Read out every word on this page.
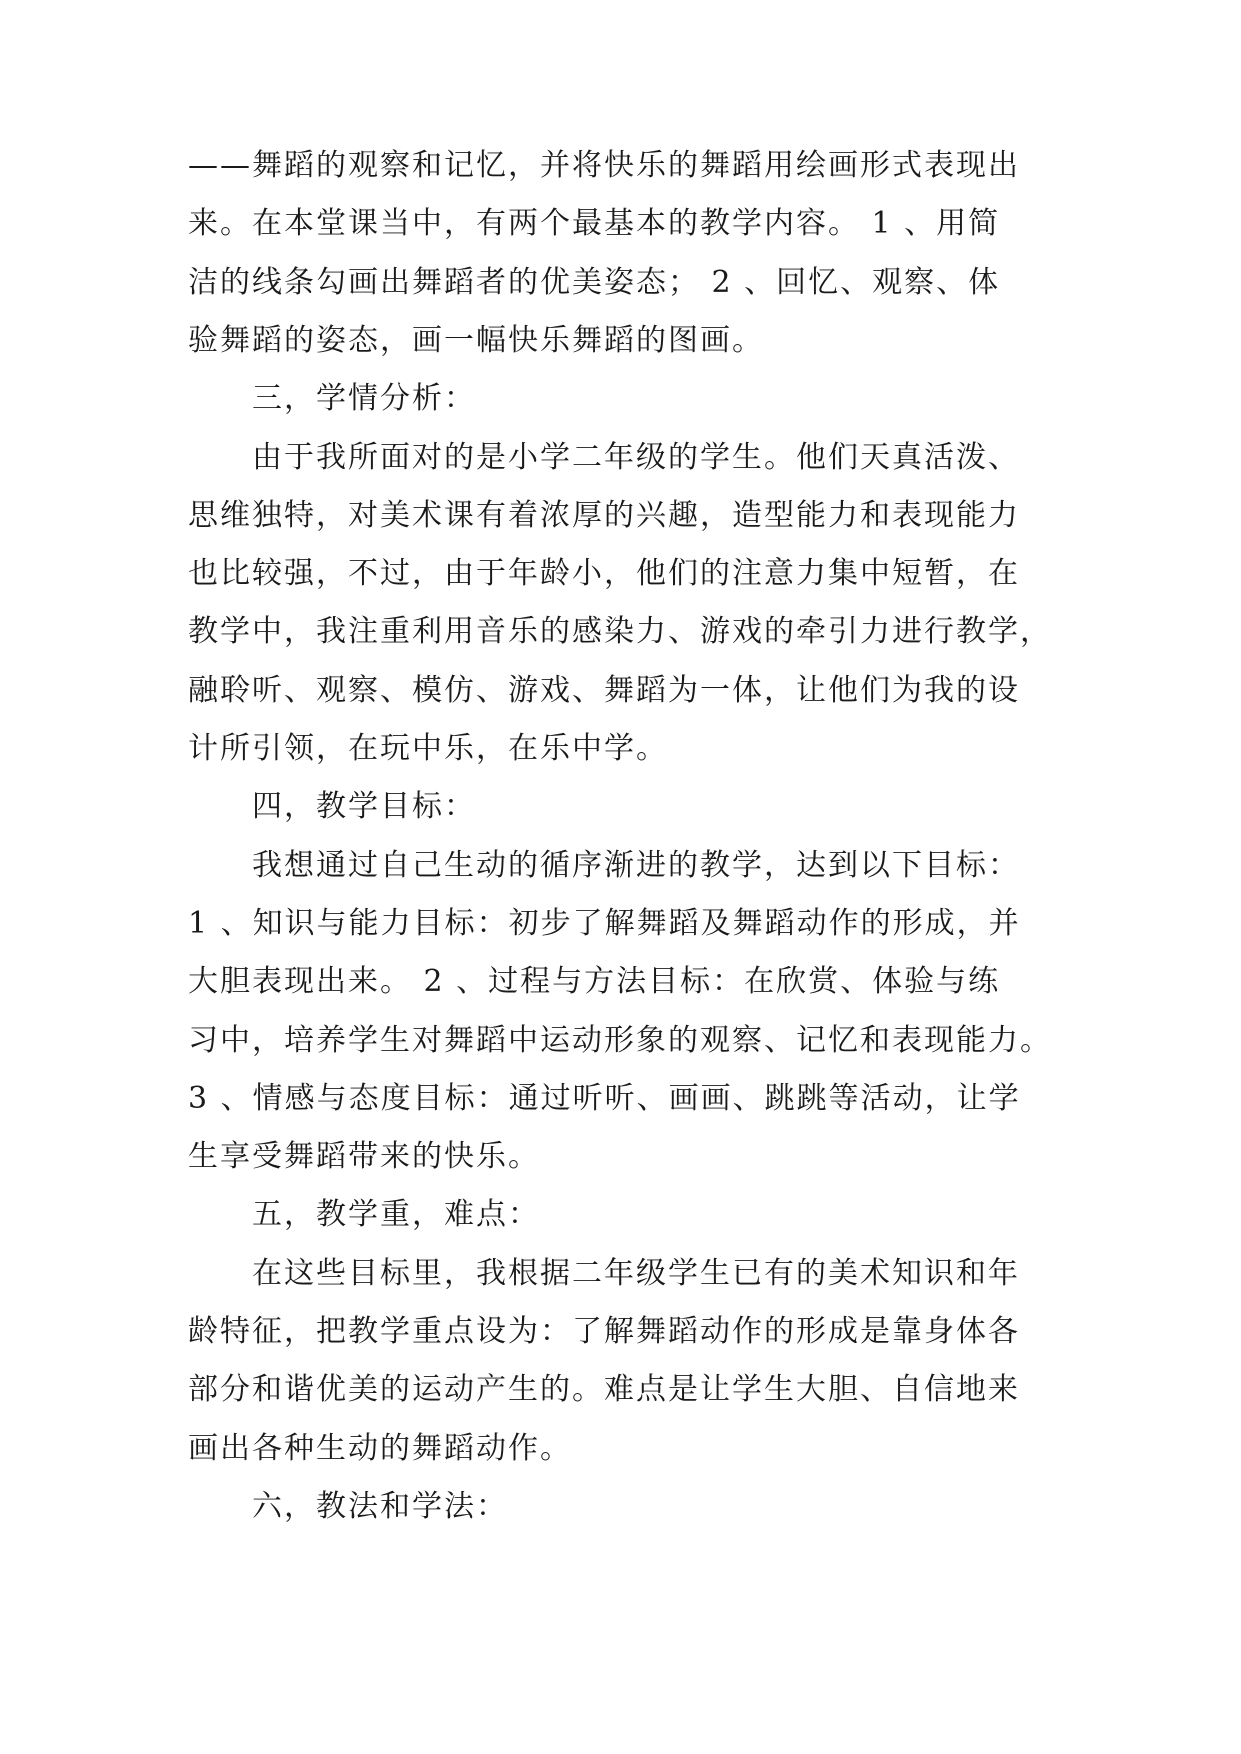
——舞蹈的观察和记忆，并将快乐的舞蹈用绘画形式表现出

来。在本堂课当中，有两个最基本的教学内容。 1 、用简

洁的线条勾画出舞蹈者的优美姿态； 2 、回忆、观察、体

验舞蹈的姿态，画一幅快乐舞蹈的图画。

三，学情分析：

由于我所面对的是小学二年级的学生。他们天真活泼、

思维独特，对美术课有着浓厚的兴趣，造型能力和表现能力

也比较强，不过，由于年龄小，他们的注意力集中短暂，在

教学中，我注重利用音乐的感染力、游戏的牵引力进行教学，

融聆听、观察、模仿、游戏、舞蹈为一体，让他们为我的设

计所引领，在玩中乐，在乐中学。

四，教学目标：

我想通过自己生动的循序渐进的教学，达到以下目标：

1 、知识与能力目标：初步了解舞蹈及舞蹈动作的形成，并

大胆表现出来。 2 、过程与方法目标：在欣赏、体验与练

习中，培养学生对舞蹈中运动形象的观察、记忆和表现能力。

3 、情感与态度目标：通过听听、画画、跳跳等活动，让学

生享受舞蹈带来的快乐。

五，教学重，难点：

在这些目标里，我根据二年级学生已有的美术知识和年

龄特征，把教学重点设为：了解舞蹈动作的形成是靠身体各

部分和谐优美的运动产生的。难点是让学生大胆、自信地来

画出各种生动的舞蹈动作。

六，教法和学法：
